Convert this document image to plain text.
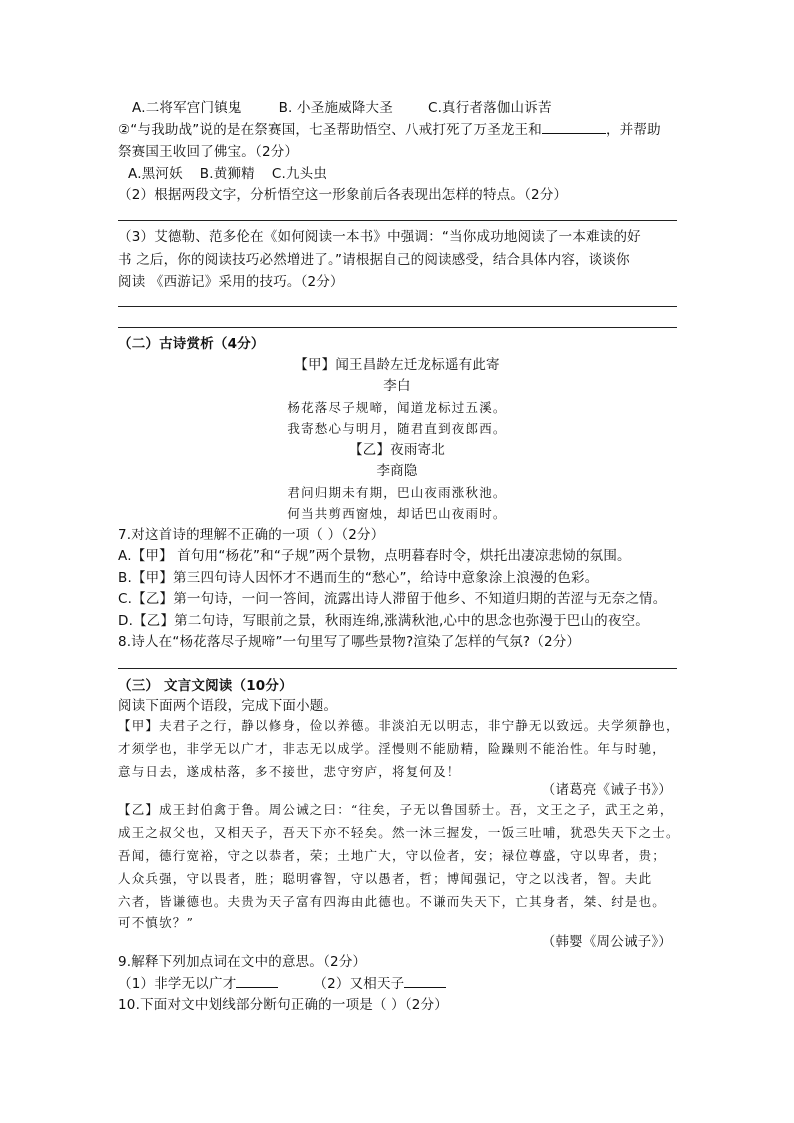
A.二将军宫门镇鬼	B. 小圣施威降大圣	C.真行者落伽山诉苦
②“与我助战”说的是在祭赛国，七圣帮助悟空、八戒打死了万圣龙王和	，并帮助
祭赛国王收回了佛宝。（2分）
A.黑河妖 B.黄狮精 C.九头虫
（2）根据两段文字，分析悟空这一形象前后各表现出怎样的特点。（2分）
（3）艾德勒、范多伦在《如何阅读一本书》中强调：“当你成功地阅读了一本难读的好
书 之后，你的阅读技巧必然增进了。”请根据自己的阅读感受，结合具体内容，谈谈你
阅读 《西游记》采用的技巧。（2分）
（二）古诗赏析（4分）
【甲】闻王昌龄左迁龙标遥有此寄
李白
杨花落尽子规啼，闻道龙标过五溪。
我寄愁心与明月，随君直到夜郎西。
【乙】夜雨寄北
李商隐
君问归期未有期，巴山夜雨涨秋池。
何当共剪西窗烛，却话巴山夜雨时。
7.对这首诗的理解不正确的一项（ ）（2分）
A.【甲】 首句用“杨花”和“子规”两个景物，点明暮春时令，烘托出凄凉悲恸的氛围。
B.【甲】第三四句诗人因怀才不遇而生的“愁心”，给诗中意象涂上浪漫的色彩。
C.【乙】第一句诗，一问一答间，流露出诗人滞留于他乡、不知道归期的苦涩与无奈之情。
D.【乙】第二句诗，写眼前之景，秋雨连绵,涨满秋池,心中的思念也弥漫于巴山的夜空。
8.诗人在“杨花落尽子规啼”一句里写了哪些景物?渲染了怎样的气氛?（2分）
（三） 文言文阅读（10分）
阅读下面两个语段，完成下面小题。
【甲】夫君子之行，静以修身，俭以养德。非淡泊无以明志，非宁静无以致远。夫学须静也，
才须学也，非学无以广才，非志无以成学。淫慢则不能励精，险躁则不能治性。年与时驰，
意与日去，遂成枯落，多不接世，悲守穷庐，将复何及！
（诸葛亮《诫子书》）
【乙】成王封伯禽于鲁。周公诫之曰：“往矣，子无以鲁国骄士。吾，文王之子，武王之弟，
成王之叔父也，又相天子，吾天下亦不轻矣。然一沐三握发，一饭三吐哺，犹恐失天下之士。
吾闻，德行宽裕，守之以恭者，荣；土地广大，守以俭者，安；禄位尊盛，守以卑者，贵；
人众兵强，守以畏者，胜；聪明睿智，守以愚者，哲；博闻强记，守之以浅者，智。夫此
六者，皆谦德也。夫贵为天子富有四海由此德也。不谦而失天下，亡其身者，桀、纣是也。
可不慎欤？”
（韩婴《周公诫子》）
9.解释下列加点词在文中的意思。（2分）
（1）非学无以广才	（2）又相天子
10.下面对文中划线部分断句正确的一项是（ ）（2分）
